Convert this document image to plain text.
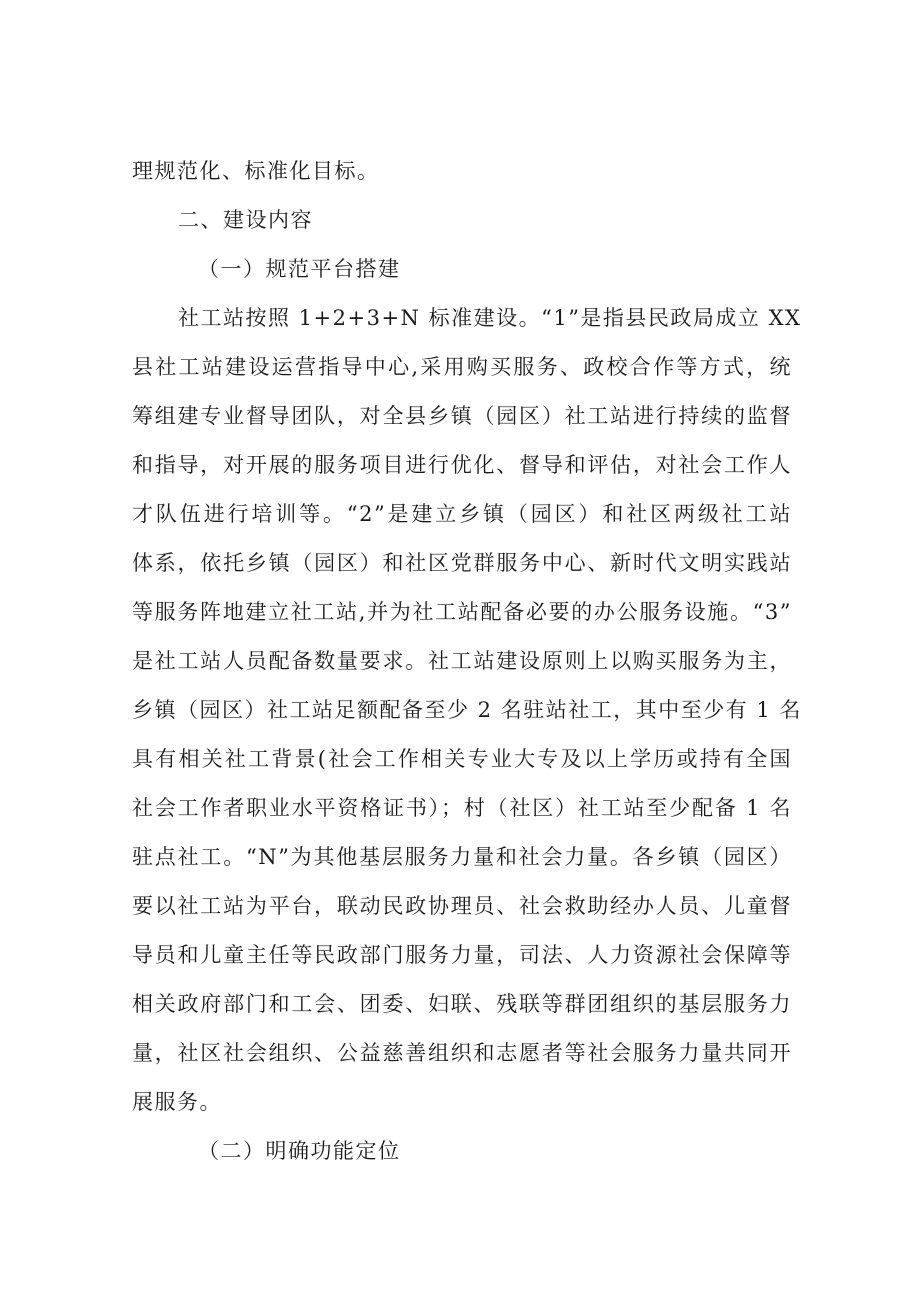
理规范化、标准化目标。
二、建设内容
（一）规范平台搭建
社工站按照 1+2+3+N 标准建设。“1”是指县民政局成立 XX
县社工站建设运营指导中心,采用购买服务、政校合作等方式，统
筹组建专业督导团队，对全县乡镇（园区）社工站进行持续的监督
和指导，对开展的服务项目进行优化、督导和评估，对社会工作人
才队伍进行培训等。“2”是建立乡镇（园区）和社区两级社工站
体系，依托乡镇（园区）和社区党群服务中心、新时代文明实践站
等服务阵地建立社工站,并为社工站配备必要的办公服务设施。“3”
是社工站人员配备数量要求。社工站建设原则上以购买服务为主，
乡镇（园区）社工站足额配备至少 2 名驻站社工，其中至少有 1 名
具有相关社工背景(社会工作相关专业大专及以上学历或持有全国
社会工作者职业水平资格证书）；村（社区）社工站至少配备 1 名
驻点社工。“N”为其他基层服务力量和社会力量。各乡镇（园区）
要以社工站为平台，联动民政协理员、社会救助经办人员、儿童督
导员和儿童主任等民政部门服务力量，司法、人力资源社会保障等
相关政府部门和工会、团委、妇联、残联等群团组织的基层服务力
量，社区社会组织、公益慈善组织和志愿者等社会服务力量共同开
展服务。
（二）明确功能定位
